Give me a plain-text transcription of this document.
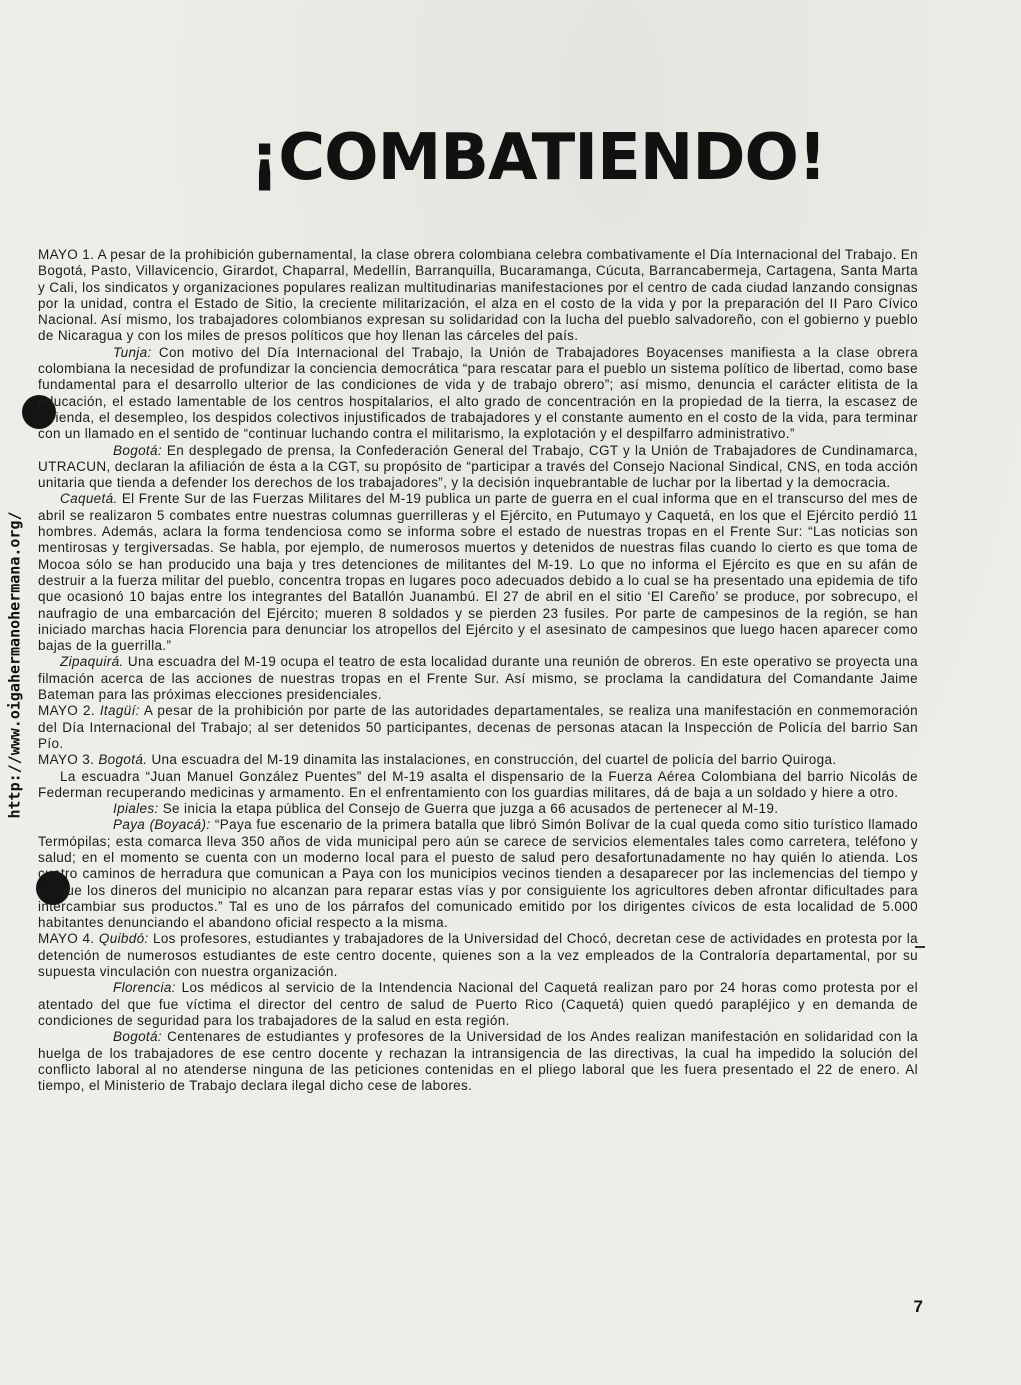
http://www.oigahermanohermana.org/
¡COMBATIENDO!

MAYO 1. A pesar de la prohibición gubernamental, la clase obrera colombiana celebra combativamente el Día Internacional del Trabajo. En Bogotá, Pasto, Villavicencio, Girardot, Chaparral, Medellín, Barranquilla, Bucaramanga, Cúcuta, Barrancabermeja, Cartagena, Santa Marta y Cali, los sindicatos y organizaciones populares realizan multitudinarias manifestaciones por el centro de cada ciudad lanzando consignas por la unidad, contra el Estado de Sitio, la creciente militarización, el alza en el costo de la vida y por la preparación del II Paro Cívico Nacional. Así mismo, los trabajadores colombianos expresan su solidaridad con la lucha del pueblo salvadoreño, con el gobierno y pueblo de Nicaragua y con los miles de presos políticos que hoy llenan las cárceles del país.

Tunja: Con motivo del Día Internacional del Trabajo, la Unión de Trabajadores Boyacenses manifiesta a la clase obrera colombiana la necesidad de profundizar la conciencia democrática “para rescatar para el pueblo un sistema político de libertad, como base fundamental para el desarrollo ulterior de las condiciones de vida y de trabajo obrero”; así mismo, denuncia el carácter elitista de la educación, el estado lamentable de los centros hospitalarios, el alto grado de concentración en la propiedad de la tierra, la escasez de vivienda, el desempleo, los despidos colectivos injustificados de trabajadores y el constante aumento en el costo de la vida, para terminar con un llamado en el sentido de “continuar luchando contra el militarismo, la explotación y el despilfarro administrativo.”

Bogotá: En desplegado de prensa, la Confederación General del Trabajo, CGT y la Unión de Trabajadores de Cundinamarca, UTRACUN, declaran la afiliación de ésta a la CGT, su propósito de “participar a través del Consejo Nacional Sindical, CNS, en toda acción unitaria que tienda a defender los derechos de los trabajadores”, y la decisión inquebrantable de luchar por la libertad y la democracia.

Caquetá. El Frente Sur de las Fuerzas Militares del M-19 publica un parte de guerra en el cual informa que en el transcurso del mes de abril se realizaron 5 combates entre nuestras columnas guerrilleras y el Ejército, en Putumayo y Caquetá, en los que el Ejército perdió 11 hombres. Además, aclara la forma tendenciosa como se informa sobre el estado de nuestras tropas en el Frente Sur: “Las noticias son mentirosas y tergiversadas. Se habla, por ejemplo, de numerosos muertos y detenidos de nuestras filas cuando lo cierto es que toma de Mocoa sólo se han producido una baja y tres detenciones de militantes del M-19. Lo que no informa el Ejército es que en su afán de destruir a la fuerza militar del pueblo, concentra tropas en lugares poco adecuados debido a lo cual se ha presentado una epidemia de tifo que ocasionó 10 bajas entre los integrantes del Batallón Juanambú. El 27 de abril en el sitio ‘El Careño’ se produce, por sobrecupo, el naufragio de una embarcación del Ejército; mueren 8 soldados y se pierden 23 fusiles. Por parte de campesinos de la región, se han iniciado marchas hacia Florencia para denunciar los atropellos del Ejército y el asesinato de campesinos que luego hacen aparecer como bajas de la guerrilla.”

Zipaquirá. Una escuadra del M-19 ocupa el teatro de esta localidad durante una reunión de obreros. En este operativo se proyecta una filmación acerca de las acciones de nuestras tropas en el Frente Sur. Así mismo, se proclama la candidatura del Comandante Jaime Bateman para las próximas elecciones presidenciales.

MAYO 2. Itagüí: A pesar de la prohibición por parte de las autoridades departamentales, se realiza una manifestación en conmemoración del Día Internacional del Trabajo; al ser detenidos 50 participantes, decenas de personas atacan la Inspección de Policía del barrio San Pío.

MAYO 3. Bogotá. Una escuadra del M-19 dinamita las instalaciones, en construcción, del cuartel de policía del barrio Quiroga.

La escuadra “Juan Manuel González Puentes” del M-19 asalta el dispensario de la Fuerza Aérea Colombiana del barrio Nicolás de Federman recuperando medicinas y armamento. En el enfrentamiento con los guardias militares, dá de baja a un soldado y hiere a otro.

Ipiales: Se inicia la etapa pública del Consejo de Guerra que juzga a 66 acusados de pertenecer al M-19.

Paya (Boyacá): “Paya fue escenario de la primera batalla que libró Simón Bolívar de la cual queda como sitio turístico llamado Termópilas; esta comarca lleva 350 años de vida municipal pero aún se carece de servicios elementales tales como carretera, teléfono y salud; en el momento se cuenta con un moderno local para el puesto de salud pero desafortunadamente no hay quién lo atienda. Los cuatro caminos de herradura que comunican a Paya con los municipios vecinos tienden a desaparecer por las inclemencias del tiempo y porque los dineros del municipio no alcanzan para reparar estas vías y por consiguiente los agricultores deben afrontar dificultades para intercambiar sus productos.” Tal es uno de los párrafos del comunicado emitido por los dirigentes cívicos de esta localidad de 5.000 habitantes denunciando el abandono oficial respecto a la misma.

MAYO 4. Quibdó: Los profesores, estudiantes y trabajadores de la Universidad del Chocó, decretan cese de actividades en protesta por la detención de numerosos estudiantes de este centro docente, quienes son a la vez empleados de la Contraloría departamental, por su supuesta vinculación con nuestra organización.

Florencia: Los médicos al servicio de la Intendencia Nacional del Caquetá realizan paro por 24 horas como protesta por el atentado del que fue víctima el director del centro de salud de Puerto Rico (Caquetá) quien quedó parapléjico y en demanda de condiciones de seguridad para los trabajadores de la salud en esta región.

Bogotá: Centenares de estudiantes y profesores de la Universidad de los Andes realizan manifestación en solidaridad con la huelga de los trabajadores de ese centro docente y rechazan la intransigencia de las directivas, la cual ha impedido la solución del conflicto laboral al no atenderse ninguna de las peticiones contenidas en el pliego laboral que les fuera presentado el 22 de enero. Al tiempo, el Ministerio de Trabajo declara ilegal dicho cese de labores.

7
